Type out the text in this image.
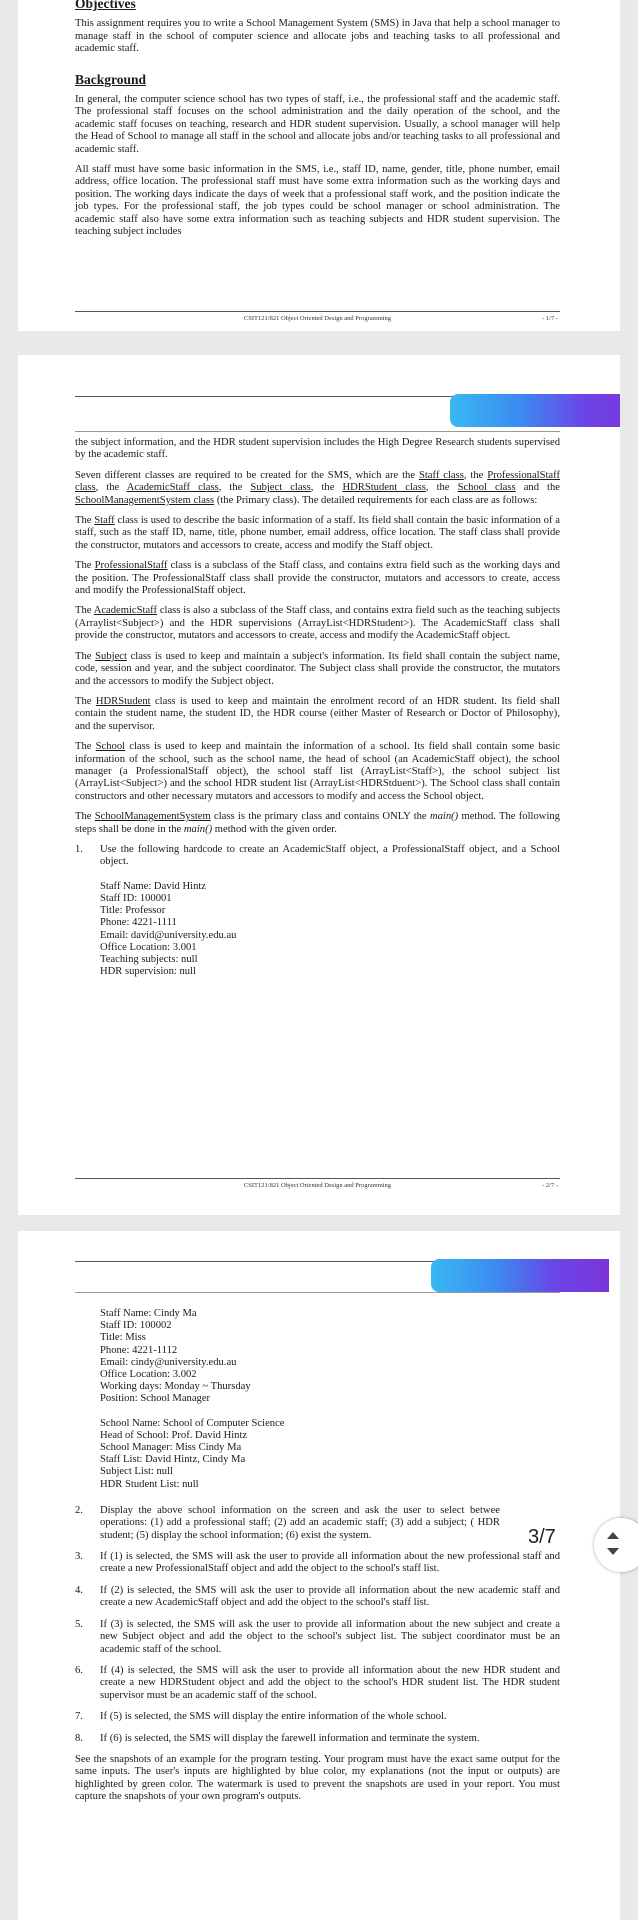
Objectives

This assignment requires you to write a School Management System (SMS) in Java that help a school manager to manage staff in the school of computer science and allocate jobs and teaching tasks to all professional and academic staff.

Background

In general, the computer science school has two types of staff, i.e., the professional staff and the academic staff. The professional staff focuses on the school administration and the daily operation of the school, and the academic staff focuses on teaching, research and HDR student supervision. Usually, a school manager will help the Head of School to manage all staff in the school and allocate jobs and/or teaching tasks to all professional and academic staff.

All staff must have some basic information in the SMS, i.e., staff ID, name, gender, title, phone number, email address, office location. The professional staff must have some extra information such as the working days and position. The working days indicate the days of week that a professional staff work, and the position indicate the job types. For the professional staff, the job types could be school manager or school administration. The academic staff also have some extra information such as teaching subjects and HDR student supervision. The teaching subject includes

CSIT121/821 Object Oriented Design and Programming	- 1/7 -

the subject information, and the HDR student supervision includes the High Degree Research students supervised by the academic staff.

Seven different classes are required to be created for the SMS, which are the Staff class, the ProfessionalStaff class, the AcademicStaff class, the Subject class, the HDRStudent class, the School class and the SchoolManagementSystem class (the Primary class). The detailed requirements for each class are as follows:

The Staff class is used to describe the basic information of a staff. Its field shall contain the basic information of a staff, such as the staff ID, name, title, phone number, email address, office location. The staff class shall provide the constructor, mutators and accessors to create, access and modify the Staff object.

The ProfessionalStaff class is a subclass of the Staff class, and contains extra field such as the working days and the position. The ProfessionalStaff class shall provide the constructor, mutators and accessors to create, access and modify the ProfessionalStaff object.

The AcademicStaff class is also a subclass of the Staff class, and contains extra field such as the teaching subjects (Arraylist<Subject>) and the HDR supervisions (ArrayList<HDRStudent>). The AcademicStaff class shall provide the constructor, mutators and accessors to create, access and modify the AcademicStaff object.

The Subject class is used to keep and maintain a subject's information. Its field shall contain the subject name, code, session and year, and the subject coordinator. The Subject class shall provide the constructor, the mutators and the accessors to modify the Subject object.

The HDRStudent class is used to keep and maintain the enrolment record of an HDR student. Its field shall contain the student name, the student ID, the HDR course (either Master of Research or Doctor of Philosophy), and the supervisor.

The School class is used to keep and maintain the information of a school. Its field shall contain some basic information of the school, such as the school name, the head of school (an AcademicStaff object), the school manager (a ProfessionalStaff object), the school staff list (ArrayList<Staff>), the school subject list (ArrayList<Subject>) and the school HDR student list (ArrayList<HDRStduent>). The School class shall contain constructors and other necessary mutators and accessors to modify and access the School object.

The SchoolManagementSystem class is the primary class and contains ONLY the main() method. The following steps shall be done in the main() method with the given order.

1. Use the following hardcode to create an AcademicStaff object, a ProfessionalStaff object, and a School object.
Staff Name: David Hintz
Staff ID: 100001
Title: Professor
Phone: 4221-1111
Email: david@university.edu.au
Office Location: 3.001
Teaching subjects: null
HDR supervision: null
CSIT121/821 Object Oriented Design and Programming	- 2/7 -
Staff Name: Cindy Ma
Staff ID: 100002
Title: Miss
Phone: 4221-1112
Email: cindy@university.edu.au
Office Location: 3.002
Working days: Monday ~ Thursday
Position: School Manager
School Name: School of Computer Science
Head of School: Prof. David Hintz
School Manager: Miss Cindy Ma
Staff List: David Hintz, Cindy Ma
Subject List: null
HDR Student List: null
2. Display the above school information on the screen and ask the user to select betwee operations: (1) add a professional staff; (2) add an academic staff; (3) add a subject; ( HDR student; (5) display the school information; (6) exist the system.
3. If (1) is selected, the SMS will ask the user to provide all information about the new professional staff and create a new ProfessionalStaff object and add the object to the school's staff list.
4. If (2) is selected, the SMS will ask the user to provide all information about the new academic staff and create a new AcademicStaff object and add the object to the school's staff list.
5. If (3) is selected, the SMS will ask the user to provide all information about the new subject and create a new Subject object and add the object to the school's subject list. The subject coordinator must be an academic staff of the school.
6. If (4) is selected, the SMS will ask the user to provide all information about the new HDR student and create a new HDRStudent object and add the object to the school's HDR student list. The HDR student supervisor must be an academic staff of the school.
7. If (5) is selected, the SMS will display the entire information of the whole school.
8. If (6) is selected, the SMS will display the farewell information and terminate the system.

See the snapshots of an example for the program testing. Your program must have the exact same output for the same inputs. The user's inputs are highlighted by blue color, my explanations (not the input or outputs) are highlighted by green color. The watermark is used to prevent the snapshots are used in your report. You must capture the snapshots of your own program's outputs.

3/7
